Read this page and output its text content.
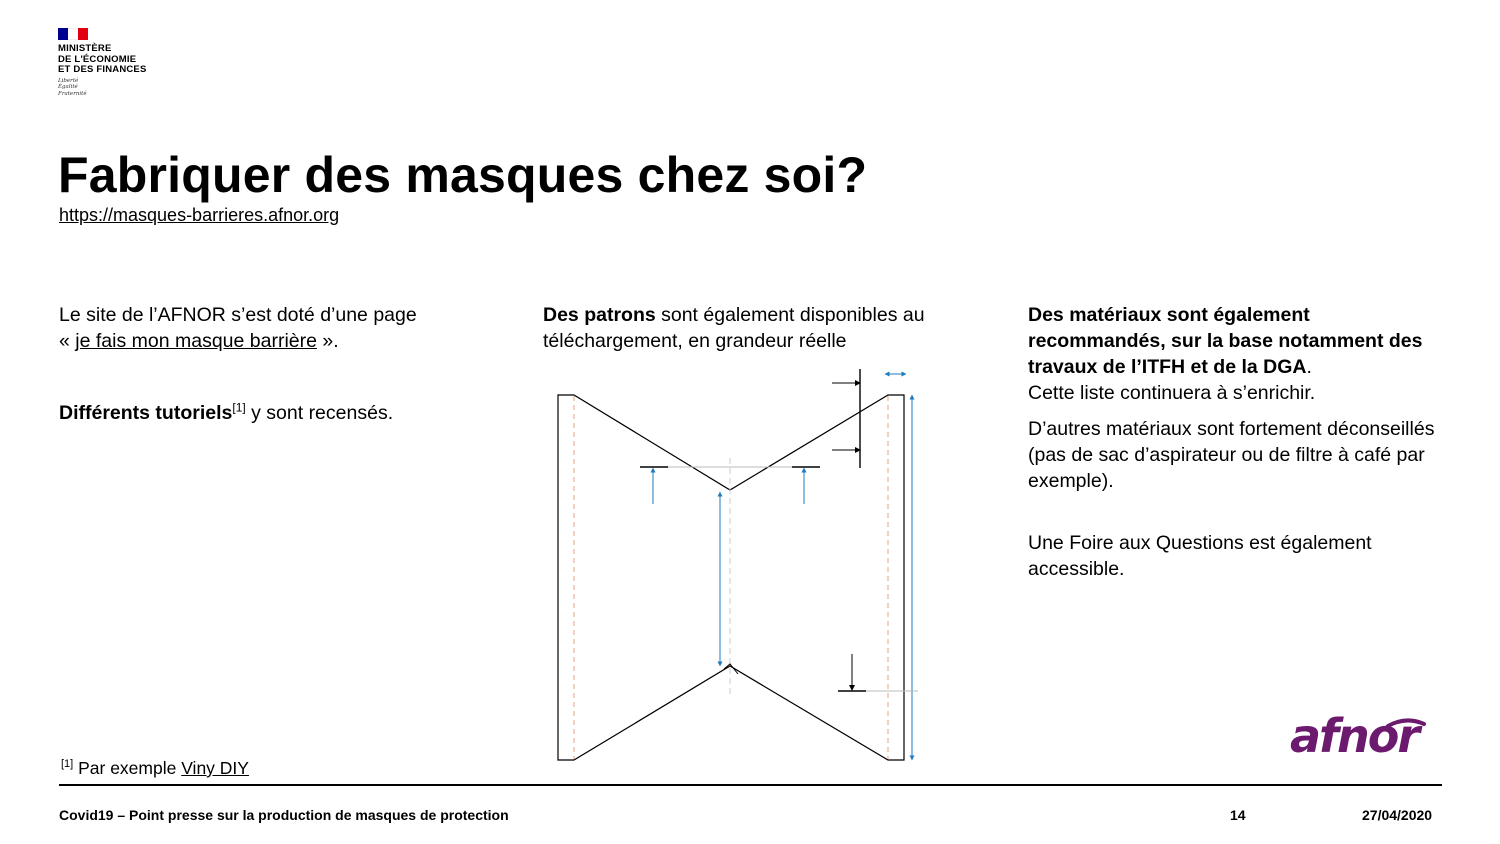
MINISTÈRE
DE L'ÉCONOMIE
ET DES FINANCES
Liberté
Égalité
Fraternité
Fabriquer des masques chez soi?
https://masques-barrieres.afnor.org

Le site de l’AFNOR s’est doté d’une page
« je fais mon masque barrière ».

Différents tutoriels[1] y sont recensés.

Des patrons sont également disponibles au téléchargement, en grandeur réelle

Des matériaux sont également recommandés, sur la base notamment des travaux de l’ITFH et de la DGA.
Cette liste continuera à s’enrichir.

D’autres matériaux sont fortement déconseillés (pas de sac d’aspirateur ou de filtre à café par exemple).

Une Foire aux Questions est également accessible.

afnor
[1] Par exemple Viny DIY
Covid19 – Point presse sur la production de masques de protection	14	27/04/2020
